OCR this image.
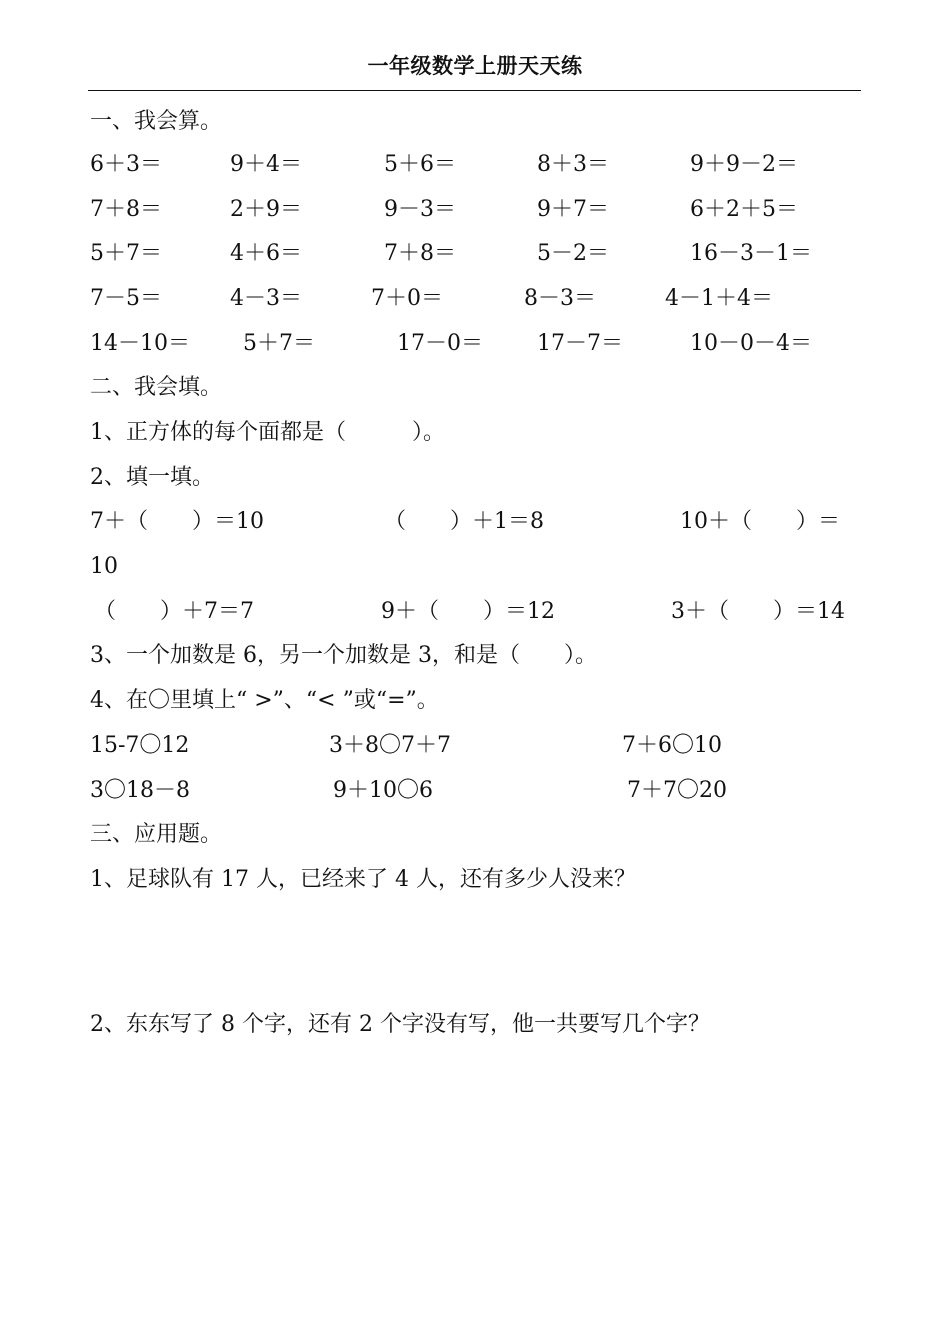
一年级数学上册天天练
一、我会算。
6＋3＝	9＋4＝	5＋6＝	8＋3＝	9＋9－2＝
7＋8＝	2＋9＝	9－3＝	9＋7＝	6＋2＋5＝
5＋7＝	4＋6＝	7＋8＝	5－2＝	16－3－1＝
7－5＝	4－3＝	7＋0＝	8－3＝	4－1＋4＝
14－10＝ 5＋7＝	17－0＝ 17－7＝	10－0－4＝
二、我会填。
1、正方体的每个面都是（　　　）。
2、填一填。
7＋（　　）＝10	（　　）＋1＝8	10＋（　　）＝
10
（　　）＋7＝7	9＋（　　）＝12	3＋（　　）＝14
3、一个加数是 6，另一个加数是 3，和是（　　）。
4、在〇里填上“ >”、“< ”或“=”。
15-7〇12	3＋8〇7＋7	7＋6〇10
3〇18－8	9＋10〇6	7＋7〇20
三、应用题。
1、足球队有 17 人，已经来了 4 人，还有多少人没来？
2、东东写了 8 个字，还有 2 个字没有写，他一共要写几个字？
